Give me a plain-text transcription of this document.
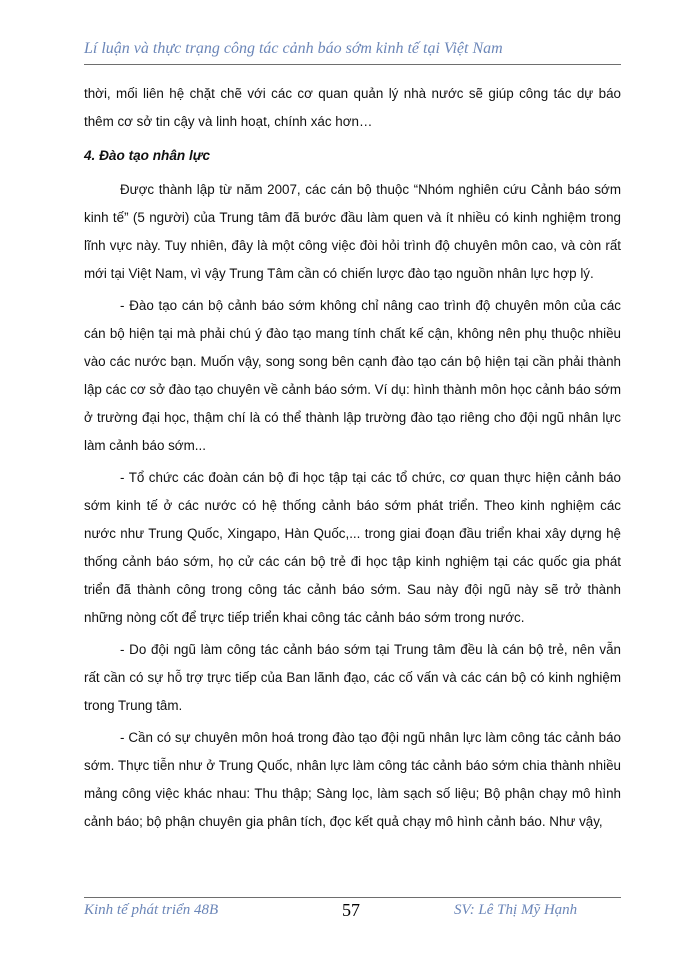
Lí luận và thực trạng công tác cảnh báo sớm kinh tế tại Việt Nam

thời, mối liên hệ chặt chẽ với các cơ quan quản lý nhà nước sẽ giúp công tác dự báo thêm cơ sở tin cậy và linh hoạt, chính xác hơn…

4. Đào tạo nhân lực

Được thành lập từ năm 2007, các cán bộ thuộc “Nhóm nghiên cứu Cảnh báo sớm kinh tế” (5 người) của Trung tâm đã bước đầu làm quen và ít nhiều có kinh nghiệm trong lĩnh vực này. Tuy nhiên, đây là một công việc đòi hỏi trình độ chuyên môn cao, và còn rất mới tại Việt Nam, vì vậy Trung Tâm cần có chiến lược đào tạo nguồn nhân lực hợp lý.

- Đào tạo cán bộ cảnh báo sớm không chỉ nâng cao trình độ chuyên môn của các cán bộ hiện tại mà phải chú ý đào tạo mang tính chất kế cận, không nên phụ thuộc nhiều vào các nước bạn. Muốn vậy, song song bên cạnh đào tạo cán bộ hiện tại cần phải thành lập các cơ sở đào tạo chuyên về cảnh báo sớm. Ví dụ: hình thành môn học cảnh báo sớm ở trường đại học, thậm chí là có thể thành lập trường đào tạo riêng cho đội ngũ nhân lực làm cảnh báo sớm...

- Tổ chức các đoàn cán bộ đi học tập tại các tổ chức, cơ quan thực hiện cảnh báo sớm kinh tế ở các nước có hệ thống cảnh báo sớm phát triển. Theo kinh nghiệm các nước như Trung Quốc, Xingapo, Hàn Quốc,... trong giai đoạn đầu triển khai xây dựng hệ thống cảnh báo sớm, họ cử các cán bộ trẻ đi học tập kinh nghiệm tại các quốc gia phát triển đã thành công trong công tác cảnh báo sớm. Sau này đội ngũ này sẽ trở thành những nòng cốt để trực tiếp triển khai công tác cảnh báo sớm trong nước.

- Do đội ngũ làm công tác cảnh báo sớm tại Trung tâm đều là cán bộ trẻ, nên vẫn rất cần có sự hỗ trợ trực tiếp của Ban lãnh đạo, các cố vấn và các cán bộ có kinh nghiệm trong Trung tâm.

- Cần có sự chuyên môn hoá trong đào tạo đội ngũ nhân lực làm công tác cảnh báo sớm. Thực tiễn như ở Trung Quốc, nhân lực làm công tác cảnh báo sớm chia thành nhiều mảng công việc khác nhau: Thu thập; Sàng lọc, làm sạch số liệu; Bộ phận chạy mô hình cảnh báo; bộ phận chuyên gia phân tích, đọc kết quả chạy mô hình cảnh báo. Như vậy,

Kinh tế phát triển 48B	57	SV: Lê Thị Mỹ Hạnh
